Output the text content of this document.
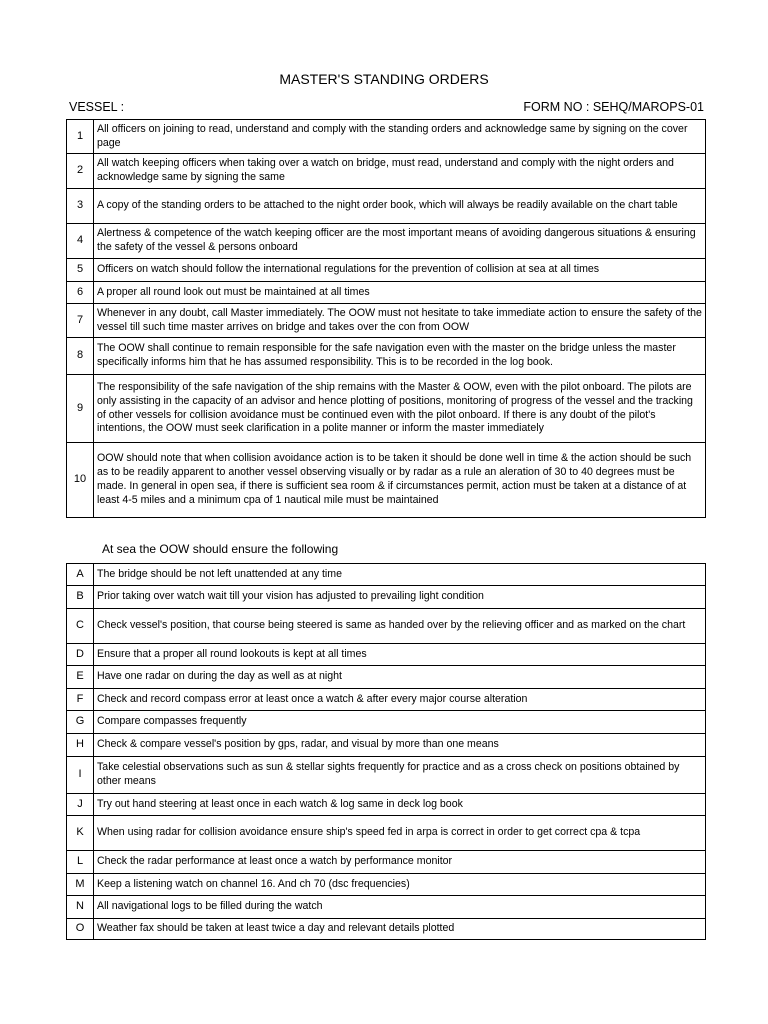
MASTER'S STANDING ORDERS
VESSEL :	FORM NO : SEHQ/MAROPS-01
1	All officers on joining to read, understand and comply with the standing orders and acknowledge same by signing on the cover page
2	All watch keeping officers when taking over a watch on bridge, must read, understand and comply with the night orders and acknowledge same by signing the same
3	A copy of the standing orders to be attached to the night order book, which will always be readily available on the chart table
4	Alertness & competence of the watch keeping officer are the most important means of avoiding dangerous situations & ensuring the safety of the vessel & persons onboard
5	Officers on watch should follow the international regulations for the prevention of collision at sea at all times
6	A proper all round look out must be maintained at all times
7	Whenever in any doubt, call Master immediately. The OOW must not hesitate to take immediate action to ensure the safety of the vessel till such time master arrives on bridge and takes over the con from OOW
8	The OOW shall continue to remain responsible for the safe navigation even with the master on the bridge unless the master specifically informs him that he has assumed responsibility. This is to be recorded in the log book.
9	The responsibility of the safe navigation of the ship remains with the Master & OOW, even with the pilot onboard. The pilots are only assisting in the capacity of an advisor and hence plotting of positions, monitoring of progress of the vessel and the tracking of other vessels for collision avoidance must be continued even with the pilot onboard. If there is any doubt of the pilot's intentions, the OOW must seek clarification in a polite manner or inform the master immediately
10	OOW should note that when collision avoidance action is to be taken it should be done well in time & the action should be such as to be readily apparent to another vessel observing visually or by radar as a rule an aleration of 30 to 40 degrees must be made. In general in open sea, if there is sufficient sea room & if circumstances permit, action must be taken at a distance of at least 4-5 miles and a minimum cpa of 1 nautical mile must be maintained
At sea the OOW should ensure the following
A	The bridge should be not left unattended at any time
B	Prior taking over watch wait till your vision has adjusted to prevailing light condition
C	Check vessel's position, that course being steered is same as handed over by the relieving officer and as marked on the chart
D	Ensure that a proper all round lookouts is kept at all times
E	Have one radar on during the day as well as at night
F	Check and record compass error at least once a watch & after every major course alteration
G	Compare compasses frequently
H	Check & compare vessel's position by gps, radar, and visual by more than one means
I	Take celestial observations such as sun & stellar sights frequently for practice and as a cross check on positions obtained by other means
J	Try out hand steering at least once in each watch & log same in deck log book
K	When using radar for collision avoidance ensure ship's speed fed in arpa is correct in order to get correct cpa & tcpa
L	Check the radar performance at least once a watch by performance monitor
M	Keep a listening watch on channel 16. And ch 70 (dsc frequencies)
N	All navigational logs to be filled during the watch
O	Weather fax should be taken at least twice a day and relevant details plotted
